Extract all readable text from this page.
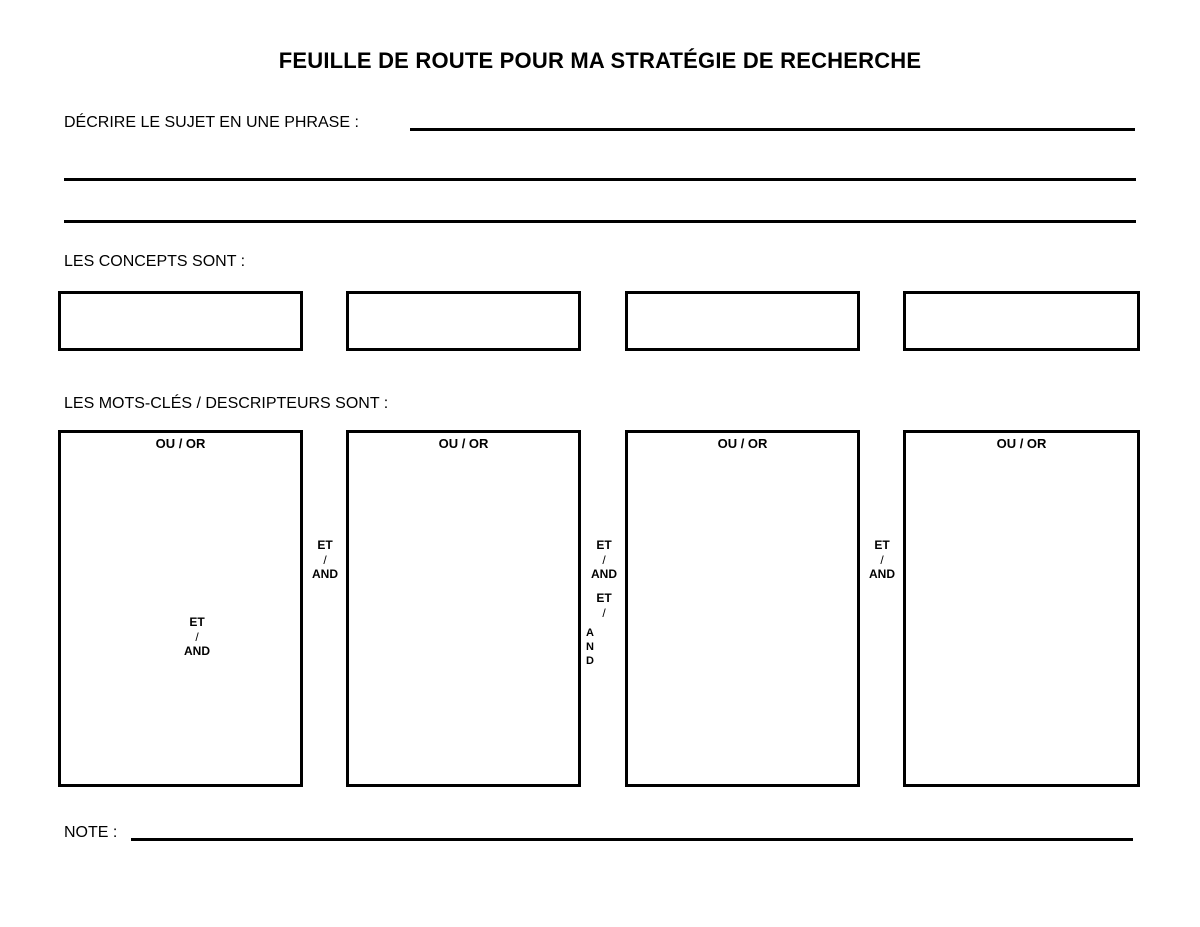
FEUILLE DE ROUTE POUR MA STRATÉGIE DE RECHERCHE
DÉCRIRE LE SUJET EN UNE PHRASE :
LES CONCEPTS SONT :
LES MOTS-CLÉS / DESCRIPTEURS SONT :
OU / OR	OU / OR	OU / OR	OU / OR
ET
/
AND
ET
/
AND
ET
/
AND
ET
/
A
N
D
ET
/
AND
NOTE :
